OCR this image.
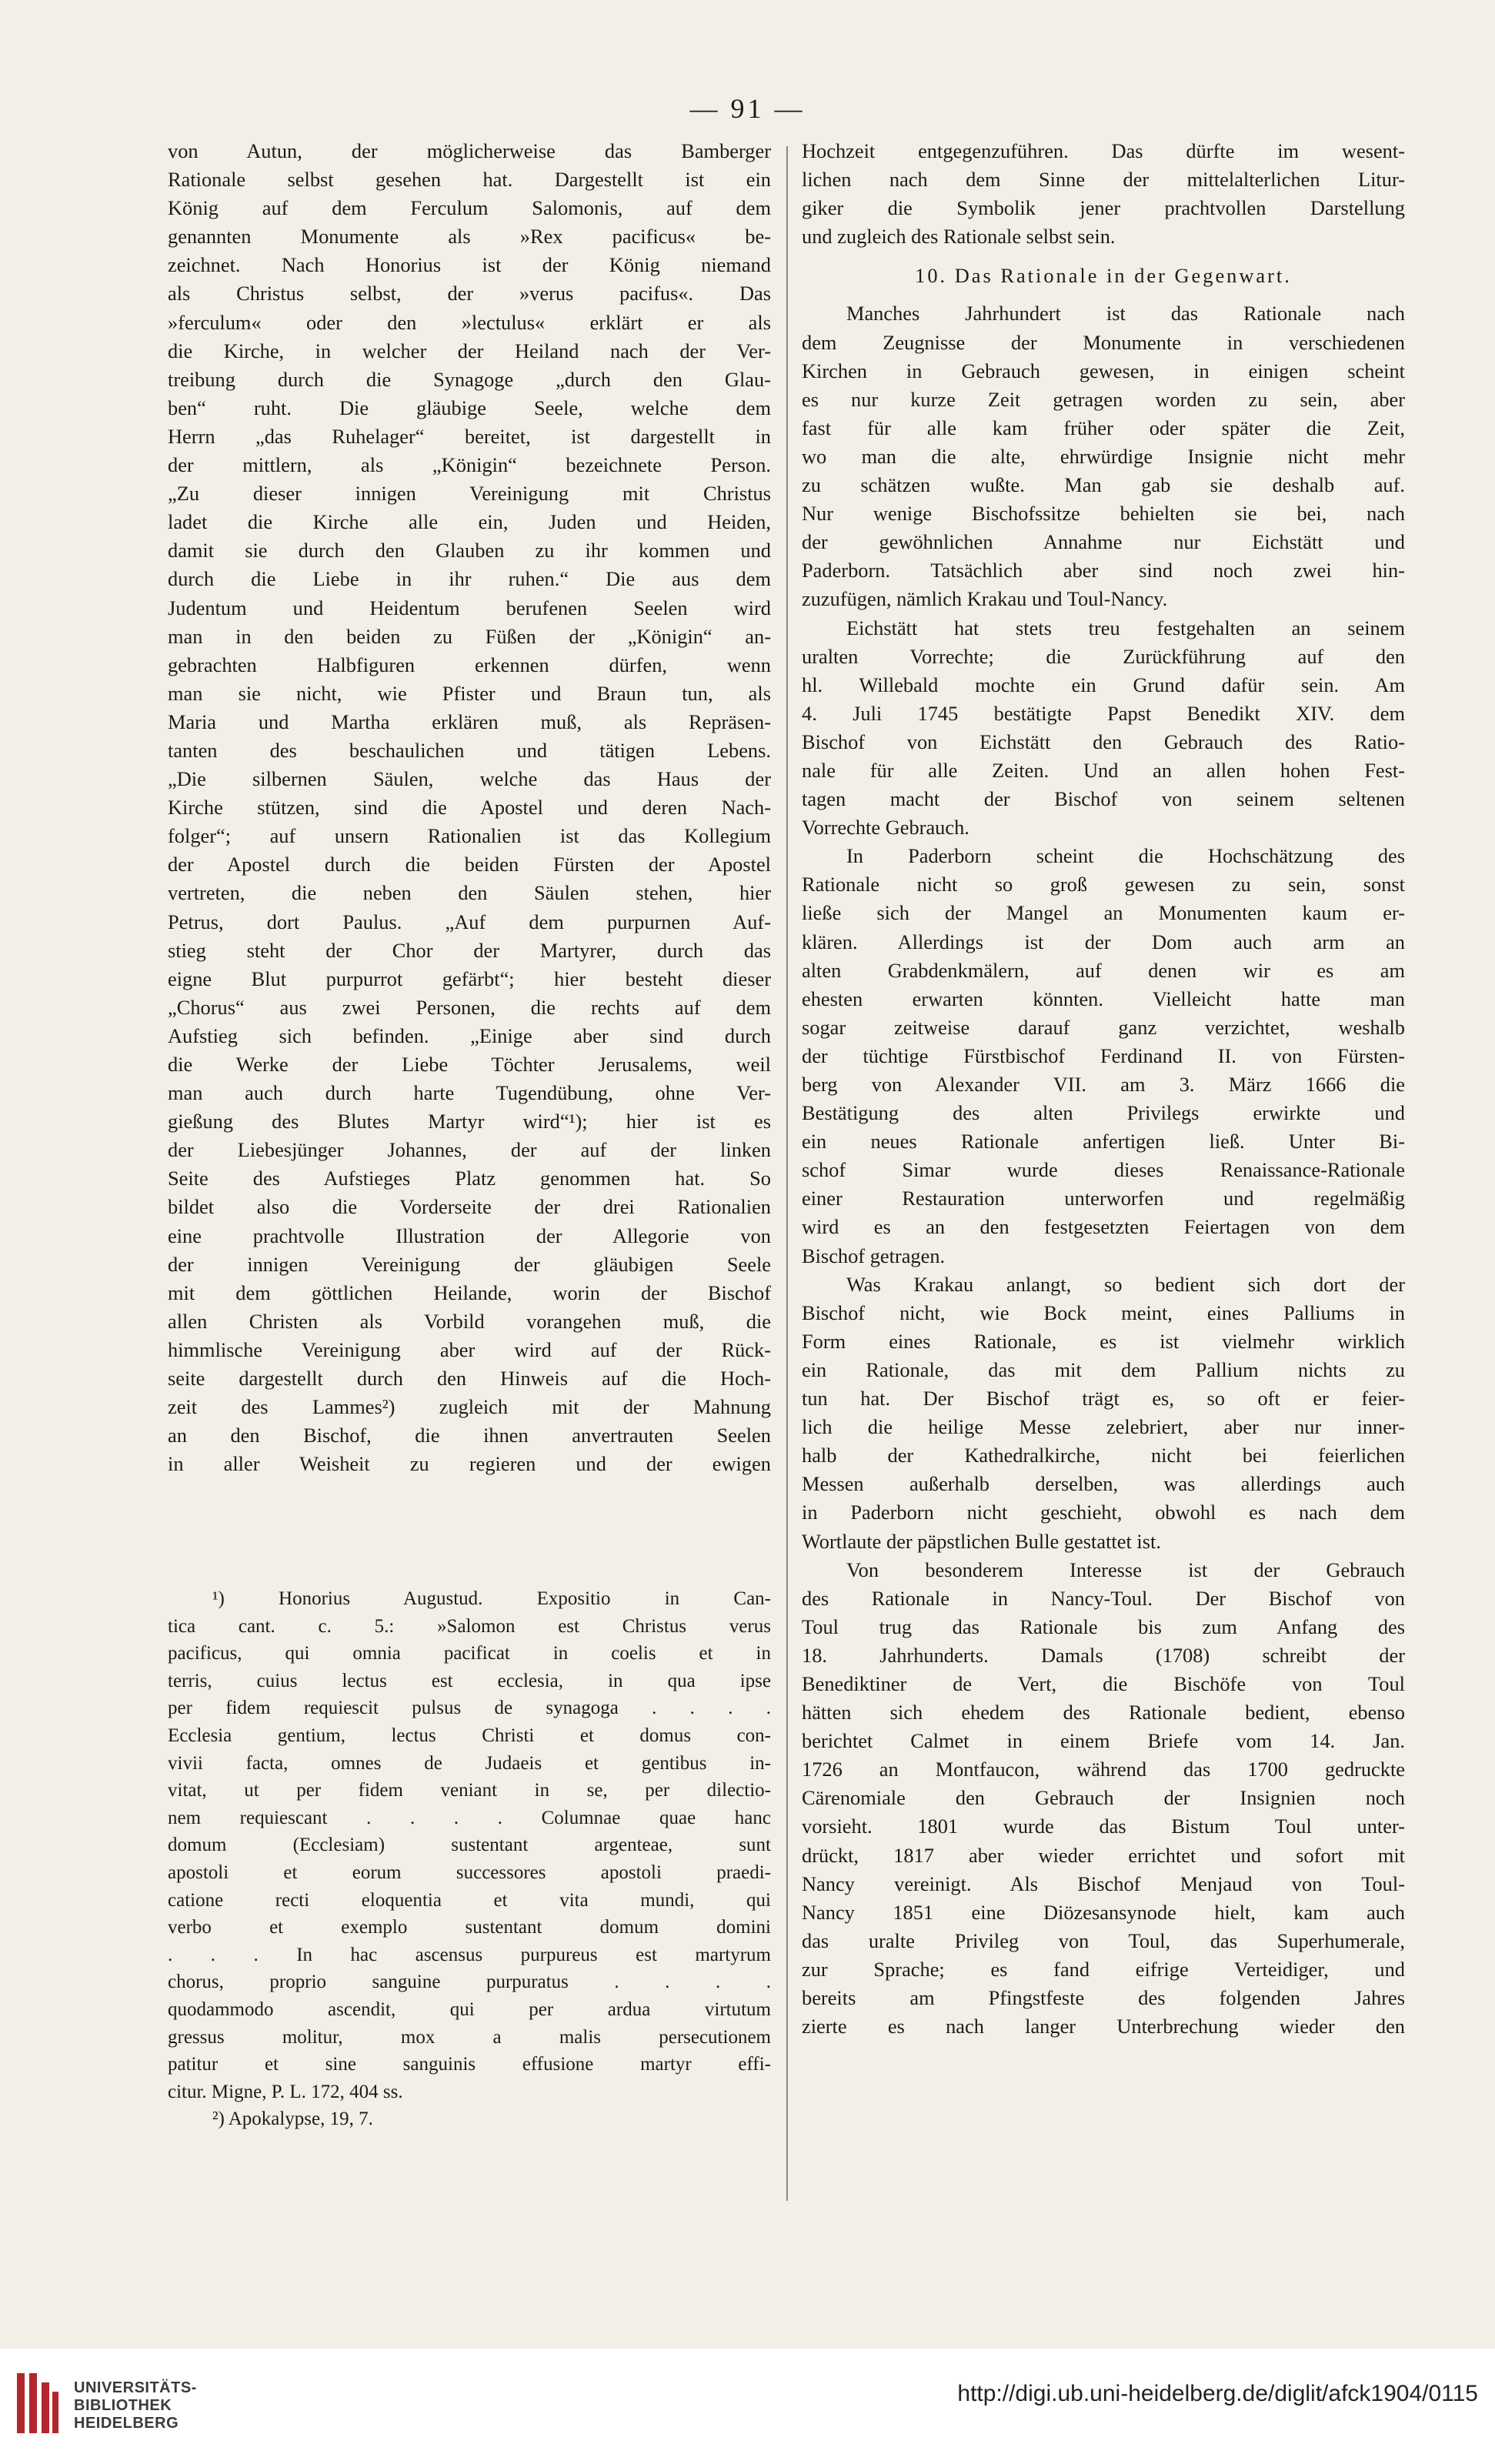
— 91 —
von Autun, der möglicherweise das Bamberger
Rationale selbst gesehen hat. Dargestellt ist ein
König auf dem Ferculum Salomonis, auf dem
genannten Monumente als »Rex pacificus« be-
zeichnet. Nach Honorius ist der König niemand
als Christus selbst, der »verus pacifus«. Das
»ferculum« oder den »lectulus« erklärt er als
die Kirche, in welcher der Heiland nach der Ver-
treibung durch die Synagoge „durch den Glau-
ben“ ruht. Die gläubige Seele, welche dem
Herrn „das Ruhelager“ bereitet, ist dargestellt in
der mittlern, als „Königin“ bezeichnete Person.
„Zu dieser innigen Vereinigung mit Christus
ladet die Kirche alle ein, Juden und Heiden,
damit sie durch den Glauben zu ihr kommen und
durch die Liebe in ihr ruhen.“ Die aus dem
Judentum und Heidentum berufenen Seelen wird
man in den beiden zu Füßen der „Königin“ an-
gebrachten Halbfiguren erkennen dürfen, wenn
man sie nicht, wie Pfister und Braun tun, als
Maria und Martha erklären muß, als Repräsen-
tanten des beschaulichen und tätigen Lebens.
„Die silbernen Säulen, welche das Haus der
Kirche stützen, sind die Apostel und deren Nach-
folger“; auf unsern Rationalien ist das Kollegium
der Apostel durch die beiden Fürsten der Apostel
vertreten, die neben den Säulen stehen, hier
Petrus, dort Paulus. „Auf dem purpurnen Auf-
stieg steht der Chor der Martyrer, durch das
eigne Blut purpurrot gefärbt“; hier besteht dieser
„Chorus“ aus zwei Personen, die rechts auf dem
Aufstieg sich befinden. „Einige aber sind durch
die Werke der Liebe Töchter Jerusalems, weil
man auch durch harte Tugendübung, ohne Ver-
gießung des Blutes Martyr wird“¹); hier ist es
der Liebesjünger Johannes, der auf der linken
Seite des Aufstieges Platz genommen hat. So
bildet also die Vorderseite der drei Rationalien
eine prachtvolle Illustration der Allegorie von
der innigen Vereinigung der gläubigen Seele
mit dem göttlichen Heilande, worin der Bischof
allen Christen als Vorbild vorangehen muß, die
himmlische Vereinigung aber wird auf der Rück-
seite dargestellt durch den Hinweis auf die Hoch-
zeit des Lammes²) zugleich mit der Mahnung
an den Bischof, die ihnen anvertrauten Seelen
in aller Weisheit zu regieren und der ewigen
Hochzeit entgegenzuführen. Das dürfte im wesent-
lichen nach dem Sinne der mittelalterlichen Litur-
giker die Symbolik jener prachtvollen Darstellung
und zugleich des Rationale selbst sein.
10. Das Rationale in der Gegenwart.
Manches Jahrhundert ist das Rationale nach
dem Zeugnisse der Monumente in verschiedenen
Kirchen in Gebrauch gewesen, in einigen scheint
es nur kurze Zeit getragen worden zu sein, aber
fast für alle kam früher oder später die Zeit,
wo man die alte, ehrwürdige Insignie nicht mehr
zu schätzen wußte. Man gab sie deshalb auf.
Nur wenige Bischofssitze behielten sie bei, nach
der gewöhnlichen Annahme nur Eichstätt und
Paderborn. Tatsächlich aber sind noch zwei hin-
zuzufügen, nämlich Krakau und Toul-Nancy.
Eichstätt hat stets treu festgehalten an seinem
uralten Vorrechte; die Zurückführung auf den
hl. Willebald mochte ein Grund dafür sein. Am
4. Juli 1745 bestätigte Papst Benedikt XIV. dem
Bischof von Eichstätt den Gebrauch des Ratio-
nale für alle Zeiten. Und an allen hohen Fest-
tagen macht der Bischof von seinem seltenen
Vorrechte Gebrauch.
In Paderborn scheint die Hochschätzung des
Rationale nicht so groß gewesen zu sein, sonst
ließe sich der Mangel an Monumenten kaum er-
klären. Allerdings ist der Dom auch arm an
alten Grabdenkmälern, auf denen wir es am
ehesten erwarten könnten. Vielleicht hatte man
sogar zeitweise darauf ganz verzichtet, weshalb
der tüchtige Fürstbischof Ferdinand II. von Fürsten-
berg von Alexander VII. am 3. März 1666 die
Bestätigung des alten Privilegs erwirkte und
ein neues Rationale anfertigen ließ. Unter Bi-
schof Simar wurde dieses Renaissance-Rationale
einer Restauration unterworfen und regelmäßig
wird es an den festgesetzten Feiertagen von dem
Bischof getragen.
Was Krakau anlangt, so bedient sich dort der
Bischof nicht, wie Bock meint, eines Palliums in
Form eines Rationale, es ist vielmehr wirklich
ein Rationale, das mit dem Pallium nichts zu
tun hat. Der Bischof trägt es, so oft er feier-
lich die heilige Messe zelebriert, aber nur inner-
halb der Kathedralkirche, nicht bei feierlichen
Messen außerhalb derselben, was allerdings auch
in Paderborn nicht geschieht, obwohl es nach dem
Wortlaute der päpstlichen Bulle gestattet ist.
Von besonderem Interesse ist der Gebrauch
des Rationale in Nancy-Toul. Der Bischof von
Toul trug das Rationale bis zum Anfang des
18. Jahrhunderts. Damals (1708) schreibt der
Benediktiner de Vert, die Bischöfe von Toul
hätten sich ehedem des Rationale bedient, ebenso
berichtet Calmet in einem Briefe vom 14. Jan.
1726 an Montfaucon, während das 1700 gedruckte
Cärenomiale den Gebrauch der Insignien noch
vorsieht. 1801 wurde das Bistum Toul unter-
drückt, 1817 aber wieder errichtet und sofort mit
Nancy vereinigt. Als Bischof Menjaud von Toul-
Nancy 1851 eine Diözesansynode hielt, kam auch
das uralte Privileg von Toul, das Superhumerale,
zur Sprache; es fand eifrige Verteidiger, und
bereits am Pfingstfeste des folgenden Jahres
zierte es nach langer Unterbrechung wieder den
¹) Honorius Augustud. Expositio in Can-
tica cant. c. 5.: »Salomon est Christus verus
pacificus, qui omnia pacificat in coelis et in
terris, cuius lectus est ecclesia, in qua ipse
per fidem requiescit pulsus de synagoga . . . .
Ecclesia gentium, lectus Christi et domus con-
vivii facta, omnes de Judaeis et gentibus in-
vitat, ut per fidem veniant in se, per dilectio-
nem requiescant . . . . Columnae quae hanc
domum (Ecclesiam) sustentant argenteae, sunt
apostoli et eorum successores apostoli praedi-
catione recti eloquentia et vita mundi, qui
verbo et exemplo sustentant domum domini
. . . In hac ascensus purpureus est martyrum
chorus, proprio sanguine purpuratus . . . .
quodammodo ascendit, qui per ardua virtutum
gressus molitur, mox a malis persecutionem
patitur et sine sanguinis effusione martyr effi-
citur. Migne, P. L. 172, 404 ss.
²) Apokalypse, 19, 7.
UNIVERSITÄTS-
BIBLIOTHEK
HEIDELBERG
http://digi.ub.uni-heidelberg.de/diglit/afck1904/0115
